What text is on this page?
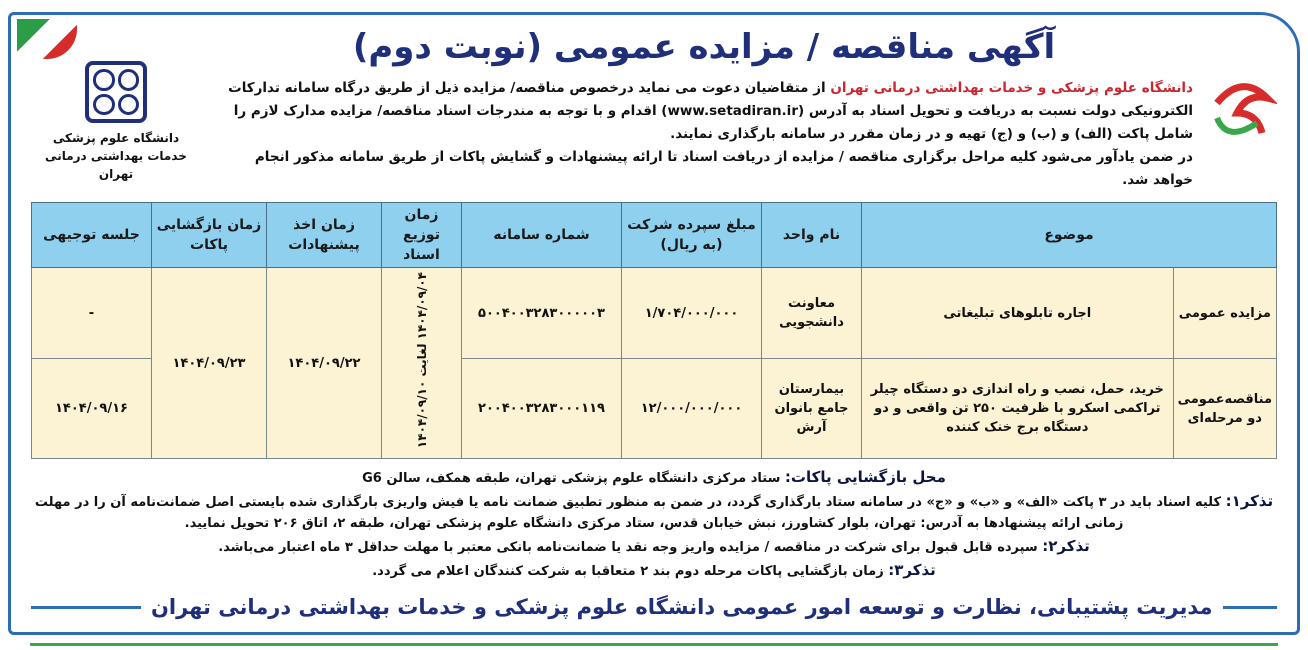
دانشگاه علوم پزشکی
خدمات بهداشتی درمانی تهران
آگهی مناقصه / مزایده عمومی (نوبت دوم)

دانشگاه علوم پزشکی و خدمات بهداشتی درمانی تهران از متقاضیان دعوت می نماید درخصوص مناقصه/ مزایده ذیل از طریق درگاه سامانه تدارکات الکترونیکی دولت نسبت به دریافت و تحویل اسناد به آدرس (www.setadiran.ir) اقدام و با توجه به مندرجات اسناد مناقصه/ مزایده مدارک لازم را شامل پاکت (الف) و (ب) و (ج) تهیه و در زمان مقرر در سامانه بارگذاری نمایند.
در ضمن یادآور می‌شود کلیه مراحل برگزاری مناقصه / مزایده از دریافت اسناد تا ارائه پیشنهادات و گشایش پاکات از طریق سامانه مذکور انجام خواهد شد.

موضوع		نام واحد	مبلغ سپرده شرکت (به ریال)	شماره سامانه	زمان توزیع اسناد	زمان اخذ پیشنهادات	زمان بازگشایی پاکات	جلسه توجیهی
مزایده عمومی	اجاره تابلوهای تبلیغاتی	معاونت دانشجویی	۱/۷۰۴/۰۰۰/۰۰۰	۵۰۰۴۰۰۳۲۸۳۰۰۰۰۰۳	۱۴۰۴/۰۹/۰۴ لغایت ۱۴۰۴/۰۹/۱۰	۱۴۰۴/۰۹/۲۲	۱۴۰۴/۰۹/۲۳	-
مناقصه‌عمومی دو مرحله‌ای	خرید، حمل، نصب و راه اندازی دو دستگاه چیلر تراکمی اسکرو با ظرفیت ۲۵۰ تن واقعی و دو دستگاه برج خنک کننده	بیمارستان جامع بانوان آرش	۱۲/۰۰۰/۰۰۰/۰۰۰	۲۰۰۴۰۰۳۲۸۳۰۰۰۱۱۹				۱۴۰۴/۰۹/۱۶

محل بازگشایی پاکات: ستاد مرکزی دانشگاه علوم پزشکی تهران، طبقه همکف، سالن G6

تذکر۱: کلیه اسناد باید در ۳ پاکت «الف» و «ب» و «ج» در سامانه ستاد بارگذاری گردد، در ضمن به منظور تطبیق ضمانت نامه یا فیش واریزی بارگذاری شده بایستی اصل ضمانت‌نامه آن را در مهلت زمانی ارائه پیشنهادها به آدرس: تهران، بلوار کشاورز، نبش خیابان قدس، ستاد مرکزی دانشگاه علوم پزشکی تهران، طبقه ۲، اتاق ۲۰۶ تحویل نمایید.

تذکر۲: سپرده قابل قبول برای شرکت در مناقصه / مزایده واریز وجه نقد یا ضمانت‌نامه بانکی معتبر با مهلت حداقل ۳ ماه اعتبار می‌باشد.

تذکر۳: زمان بازگشایی پاکات مرحله دوم بند ۲ متعاقبا به شرکت کنندگان اعلام می گردد.

مدیریت پشتیبانی، نظارت و توسعه امور عمومی دانشگاه علوم پزشکی و خدمات بهداشتی درمانی تهران
